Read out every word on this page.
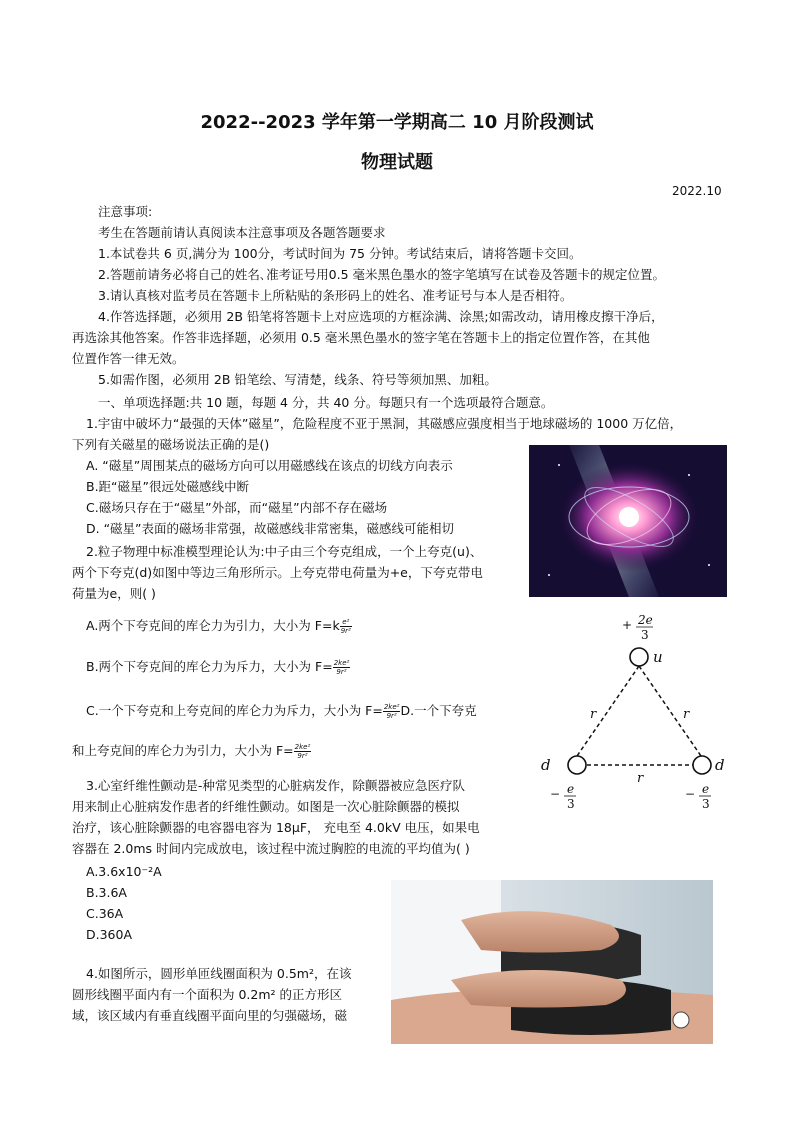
2022--2023 学年第一学期高二 10 月阶段测试
物理试题
2022.10
注意事项:
考生在答题前请认真阅读本注意事项及各题答题要求
1.本试卷共 6 页,满分为 100分，考试时间为 75 分钟。考试结束后，请将答题卡交回。
2.答题前请务必将自己的姓名､准考证号用0.5 毫米黑色墨水的签字笔填写在试卷及答题卡的规定位置。
3.请认真核对监考员在答题卡上所粘贴的条形码上的姓名、准考证号与本人是否相符。
4.作答选择题，必须用 2B 铅笔将答题卡上对应选项的方框涂满、涂黑;如需改动，请用橡皮擦干净后，
再选涂其他答案。作答非选择题，必须用 0.5 毫米黑色墨水的签字笔在答题卡上的指定位置作答，在其他
位置作答一律无效。
5.如需作图，必须用 2B 铅笔绘、写清楚，线条、符号等须加黑、加粗。
一、单项选择题:共 10 题，每题 4 分，共 40 分。每题只有一个选项最符合题意。
1.宇宙中破坏力“最强的天体”磁星”，危险程度不亚于黑洞，其磁感应强度相当于地球磁场的 1000 万亿倍，
下列有关磁星的磁场说法正确的是()
A. “磁星”周围某点的磁场方向可以用磁感线在该点的切线方向表示
B.距“磁星”很远处磁感线中断
C.磁场只存在于“磁星”外部，而“磁星”内部不存在磁场
D. “磁星”表面的磁场非常强，故磁感线非常密集，磁感线可能相切
2.粒子物理中标准模型理论认为:中子由三个夸克组成，一个上夸克(u)、
两个下夸克(d)如图中等边三角形所示。上夸克带电荷量为+e，下夸克带电
荷量为e，则( )
A.两个下夸克间的库仑力为引力，大小为 $F=k \frac{\text{e²}}{\text{9r²}}$
B.两个下夸克间的库仑力为斥力，大小为 $F= \frac{\text{2ke²}}{\text{9r²}}$
C.一个下夸克和上夸克间的库仑力为斥力，大小为 $F= \frac{\text{2ke²}}{\text{9r²}} D$.一个下夸克
和上夸克间的库仑力为引力，大小为 $F= \frac{\text{2ke²}}{\text{9r²}}$
+ 2e
3
u
d	d
r	r
r
− e
3
− e
3
3.心室纤维性颤动是-种常见类型的心脏病发作，除颤器被应急医疗队
用来制止心脏病发作患者的纤维性颤动。如图是一次心脏除颤器的模拟
治疗，该心脏除颤器的电容器电容为 18μF， 充电至 4.0kV 电压，如果电
容器在 2.0ms 时间内完成放电，该过程中流过胸腔的电流的平均值为( )
A.3.6x10⁻²A
B.3.6A
C.36A
D.360A
4.如图所示，圆形单匝线圈面积为 0.5m²，在该
圆形线圈平面内有一个面积为 0.2m² 的正方形区
域，该区域内有垂直线圈平面向里的匀强磁场，磁
